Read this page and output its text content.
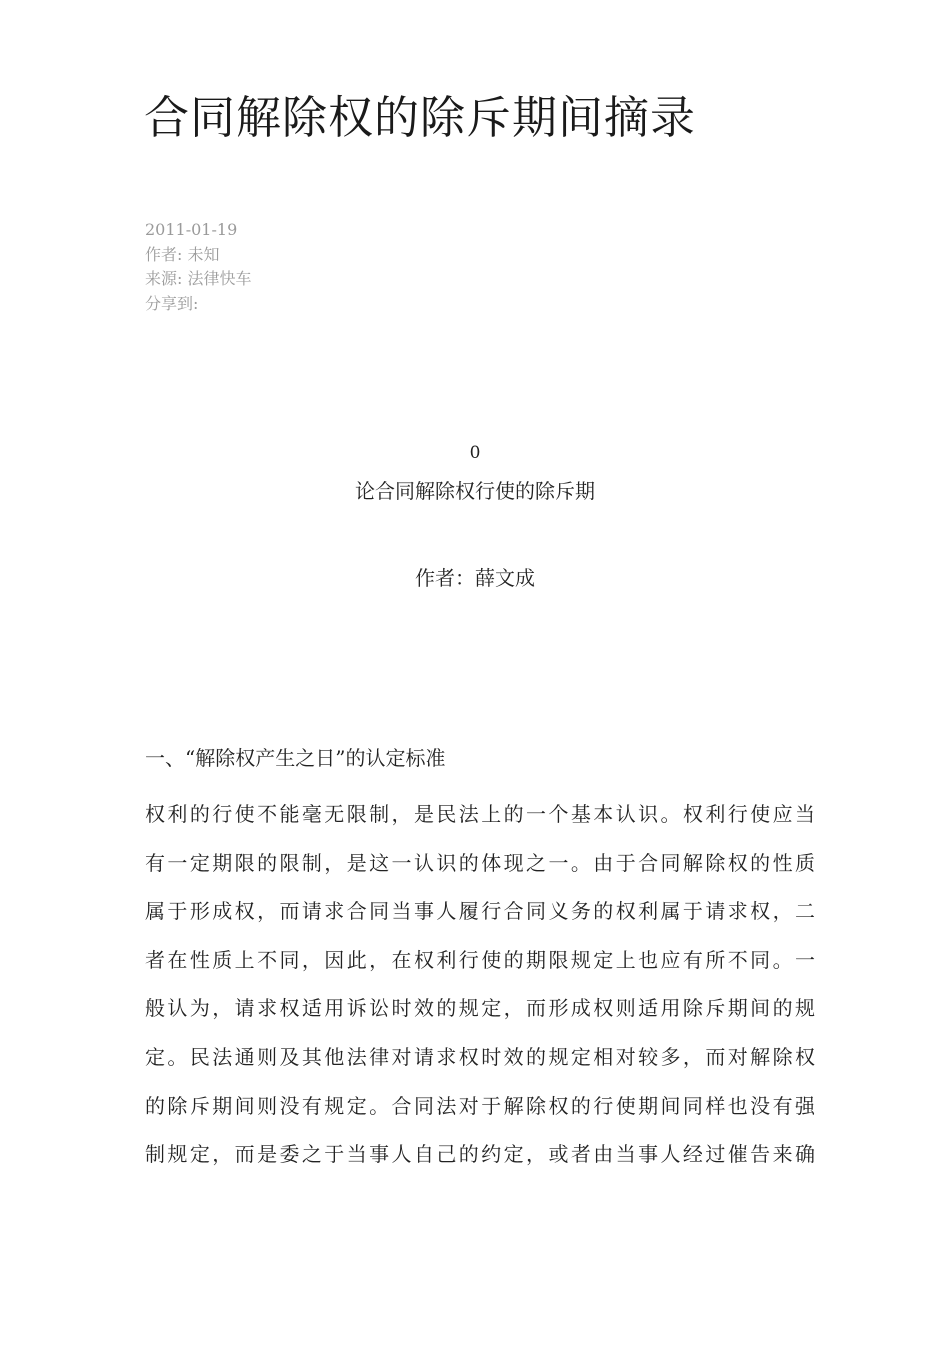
合同解除权的除斥期间摘录
2011-01-19
作者: 未知
来源: 法律快车
分享到:
0
论合同解除权行使的除斥期
作者：薛文成
一、“解除权产生之日”的认定标准
权利的行使不能毫无限制，是民法上的一个基本认识。权利行使应当
有一定期限的限制，是这一认识的体现之一。由于合同解除权的性质
属于形成权，而请求合同当事人履行合同义务的权利属于请求权，二
者在性质上不同，因此，在权利行使的期限规定上也应有所不同。一
般认为，请求权适用诉讼时效的规定，而形成权则适用除斥期间的规
定。民法通则及其他法律对请求权时效的规定相对较多，而对解除权
的除斥期间则没有规定。合同法对于解除权的行使期间同样也没有强
制规定，而是委之于当事人自己的约定，或者由当事人经过催告来确
